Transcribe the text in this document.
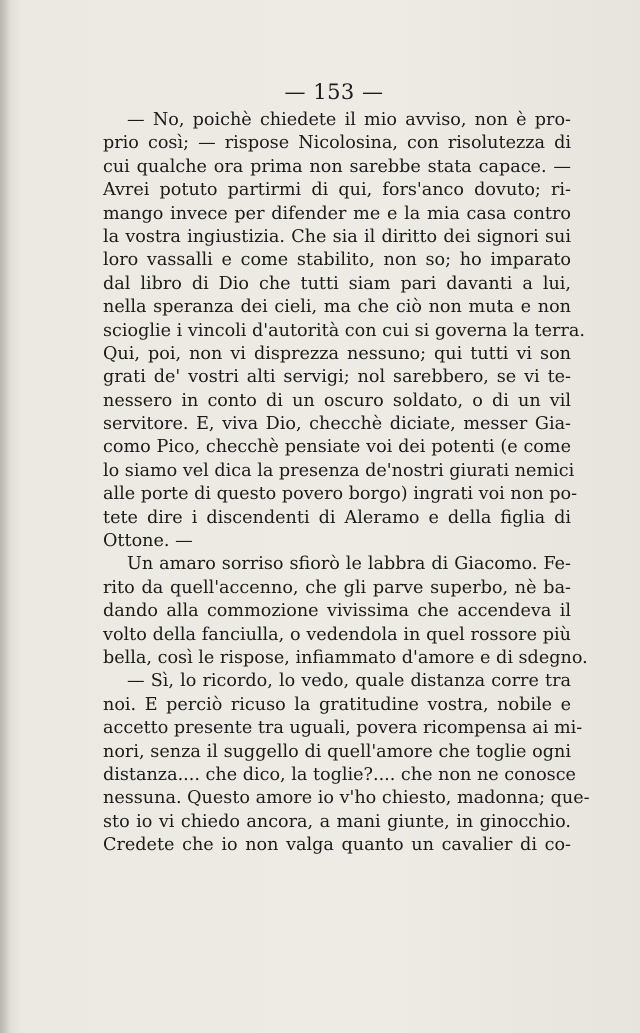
— 153 —
— No, poichè chiedete il mio avviso, non è pro-
prio così; — rispose Nicolosina, con risolutezza di
cui qualche ora prima non sarebbe stata capace. —
Avrei potuto partirmi di qui, fors'anco dovuto; ri-
mango invece per difender me e la mia casa contro
la vostra ingiustizia. Che sia il diritto dei signori sui
loro vassalli e come stabilito, non so; ho imparato
dal libro di Dio che tutti siam pari davanti a lui,
nella speranza dei cieli, ma che ciò non muta e non
scioglie i vincoli d'autorità con cui si governa la terra.
Qui, poi, non vi disprezza nessuno; qui tutti vi son
grati de' vostri alti servigi; nol sarebbero, se vi te-
nessero in conto di un oscuro soldato, o di un vil
servitore. E, viva Dio, checchè diciate, messer Gia-
como Pico, checchè pensiate voi dei potenti (e come
lo siamo vel dica la presenza de'nostri giurati nemici
alle porte di questo povero borgo) ingrati voi non po-
tete dire i discendenti di Aleramo e della figlia di
Ottone. —
Un amaro sorriso sfiorò le labbra di Giacomo. Fe-
rito da quell'accenno, che gli parve superbo, nè ba-
dando alla commozione vivissima che accendeva il
volto della fanciulla, o vedendola in quel rossore più
bella, così le rispose, infiammato d'amore e di sdegno.
— Sì, lo ricordo, lo vedo, quale distanza corre tra
noi. E perciò ricuso la gratitudine vostra, nobile e
accetto presente tra uguali, povera ricompensa ai mi-
nori, senza il suggello di quell'amore che toglie ogni
distanza.... che dico, la toglie?.... che non ne conosce
nessuna. Questo amore io v'ho chiesto, madonna; que-
sto io vi chiedo ancora, a mani giunte, in ginocchio.
Credete che io non valga quanto un cavalier di co-
